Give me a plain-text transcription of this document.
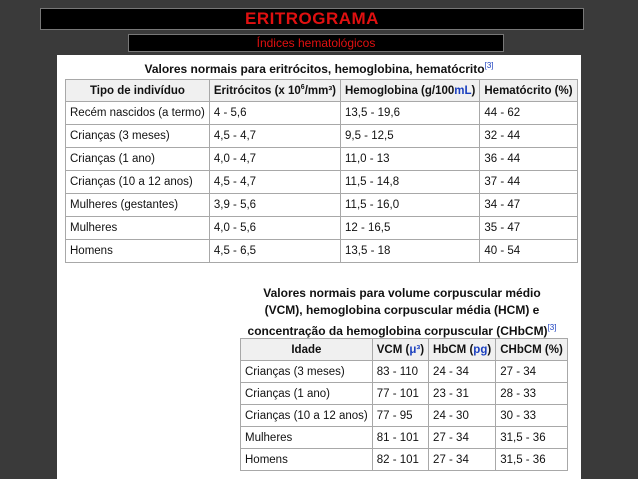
ERITROGRAMA
Índices hematológicos
Valores normais para eritrócitos, hemoglobina, hematócrito[3]
Tipo de indivíduo	Eritrócitos (x $10^6/mm^3$)	Hemoglobina (g/100mL)	Hematócrito (%)
Recém nascidos (a termo)	4 - 5,6	13,5 - 19,6	44 - 62
Crianças (3 meses)	4,5 - 4,7	9,5 - 12,5	32 - 44
Crianças (1 ano)	4,0 - 4,7	11,0 - 13	36 - 44
Crianças (10 a 12 anos)	4,5 - 4,7	11,5 - 14,8	37 - 44
Mulheres (gestantes)	3,9 - 5,6	11,5 - 16,0	34 - 47
Mulheres	4,0 - 5,6	12 - 16,5	35 - 47
Homens	4,5 - 6,5	13,5 - 18	40 - 54
Valores normais para volume corpuscular médio
(VCM), hemoglobina corpuscular média (HCM) e
concentração da hemoglobina corpuscular (CHbCM)[3]
Idade	VCM (μ³)	HbCM (pg)	CHbCM (%)
Crianças (3 meses)	83 - 110	24 - 34	27 - 34
Crianças (1 ano)	77 - 101	23 - 31	28 - 33
Crianças (10 a 12 anos)	77 - 95	24 - 30	30 - 33
Mulheres	81 - 101	27 - 34	31,5 - 36
Homens	82 - 101	27 - 34	31,5 - 36
